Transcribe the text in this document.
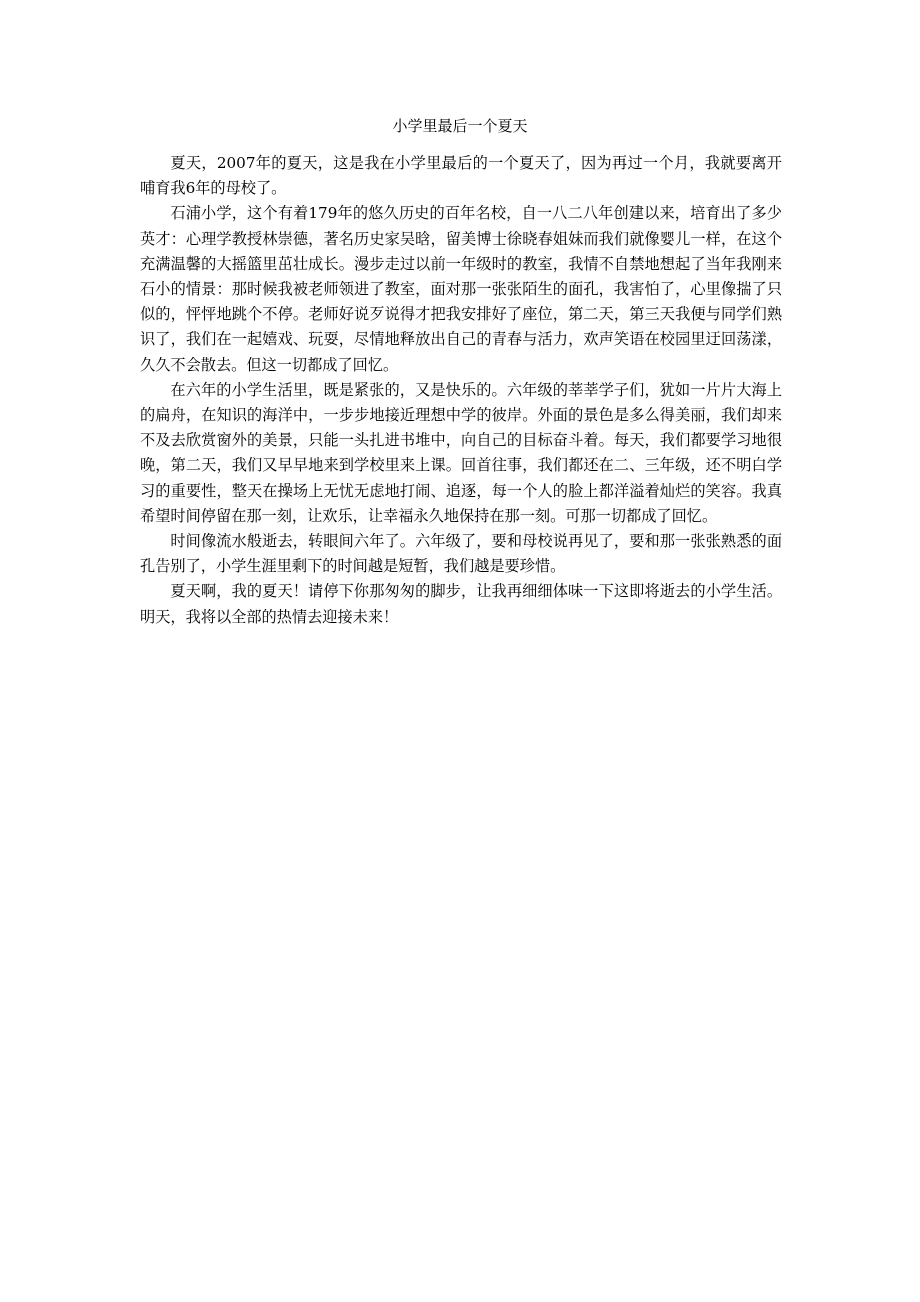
小学里最后一个夏天

夏天，2007年的夏天，这是我在小学里最后的一个夏天了，因为再过一个月，我就要离开哺育我6年的母校了。

石浦小学，这个有着179年的悠久历史的百年名校，自一八二八年创建以来，培育出了多少英才：心理学教授林崇德，著名历史家吴晗，留美博士徐晓春姐妹而我们就像婴儿一样，在这个充满温馨的大摇篮里茁壮成长。漫步走过以前一年级时的教室，我情不自禁地想起了当年我刚来石小的情景：那时候我被老师领进了教室，面对那一张张陌生的面孔，我害怕了，心里像揣了只似的，怦怦地跳个不停。老师好说歹说得才把我安排好了座位，第二天，第三天我便与同学们熟识了，我们在一起嬉戏、玩耍，尽情地释放出自己的青春与活力，欢声笑语在校园里迂回荡漾，久久不会散去。但这一切都成了回忆。

在六年的小学生活里，既是紧张的，又是快乐的。六年级的莘莘学子们，犹如一片片大海上的扁舟，在知识的海洋中，一步步地接近理想中学的彼岸。外面的景色是多么得美丽，我们却来不及去欣赏窗外的美景，只能一头扎进书堆中，向自己的目标奋斗着。每天，我们都要学习地很晚，第二天，我们又早早地来到学校里来上课。回首往事，我们都还在二、三年级，还不明白学习的重要性，整天在操场上无忧无虑地打闹、追逐，每一个人的脸上都洋溢着灿烂的笑容。我真希望时间停留在那一刻，让欢乐，让幸福永久地保持在那一刻。可那一切都成了回忆。

时间像流水般逝去，转眼间六年了。六年级了，要和母校说再见了，要和那一张张熟悉的面孔告别了，小学生涯里剩下的时间越是短暂，我们越是要珍惜。

夏天啊，我的夏天！请停下你那匆匆的脚步，让我再细细体味一下这即将逝去的小学生活。明天，我将以全部的热情去迎接未来！
